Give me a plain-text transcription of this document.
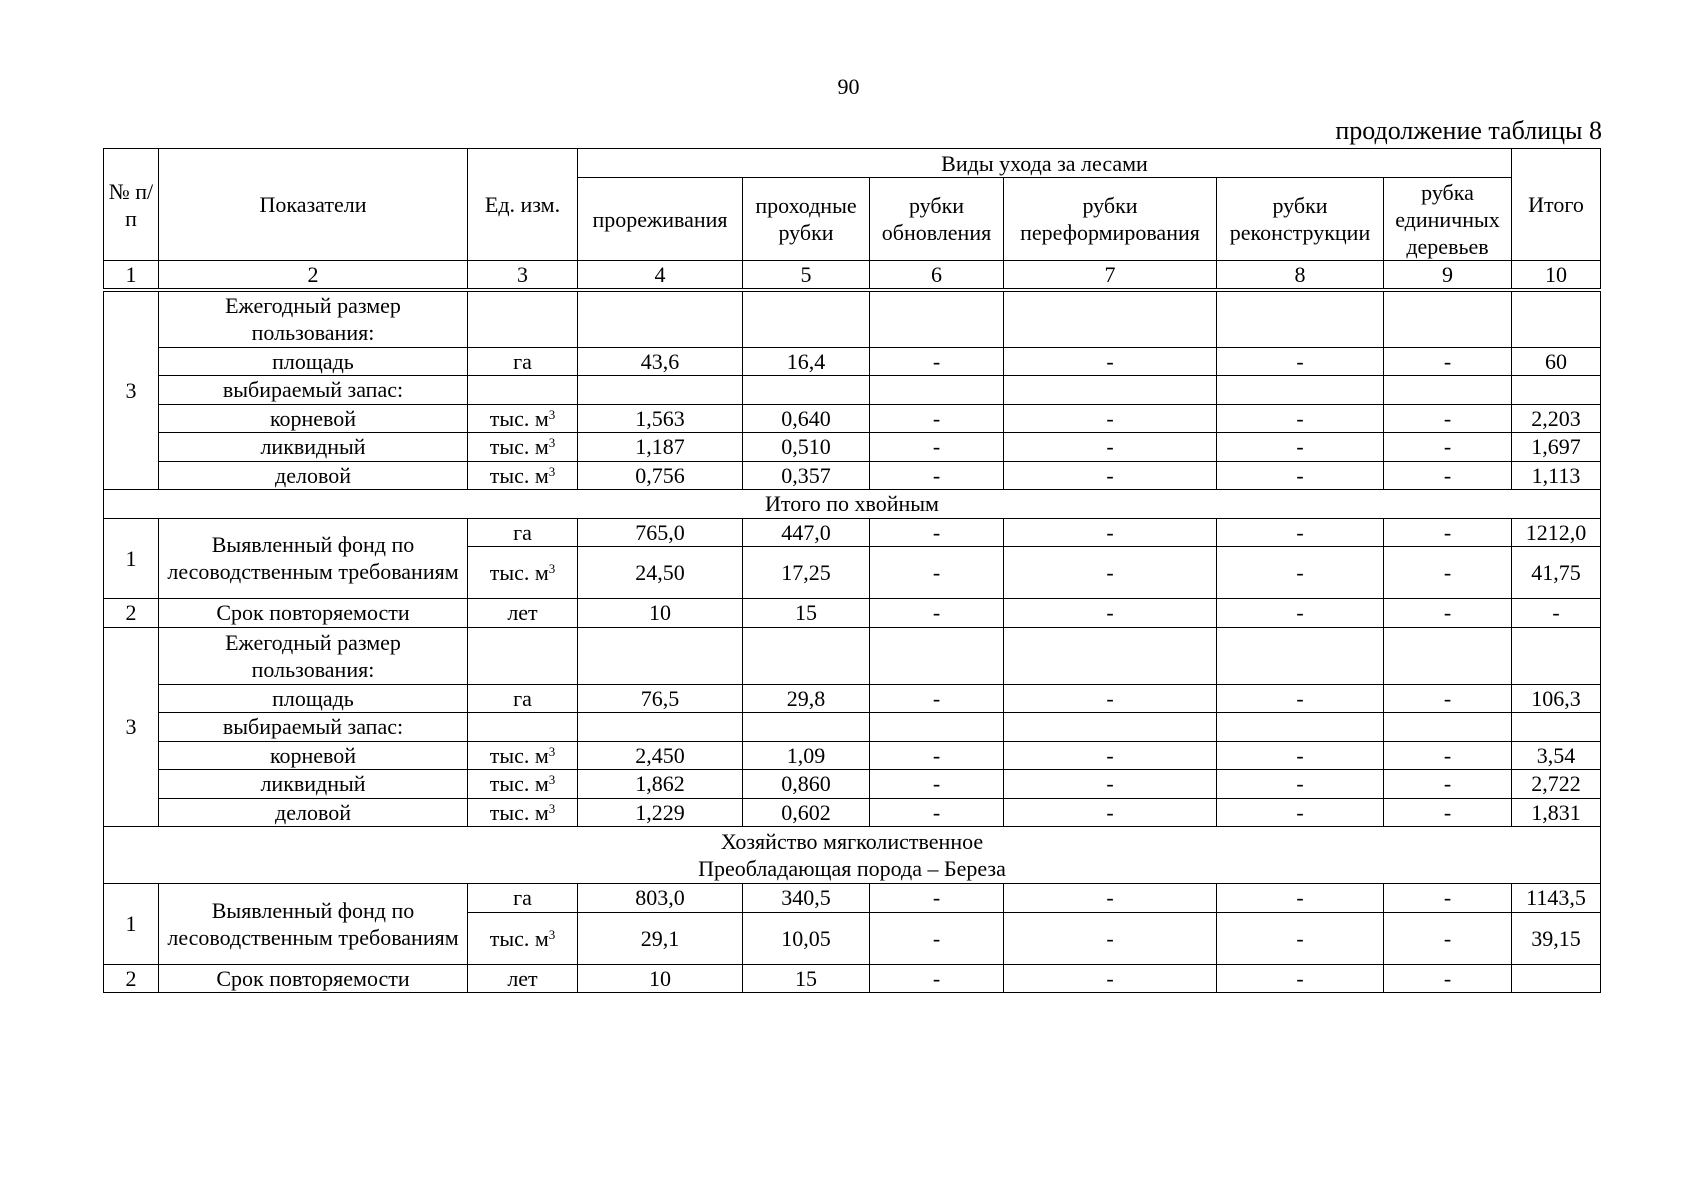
90
продолжение таблицы 8
№ п/п	Показатели	Ед. изм.	Виды ухода за лесами						Итого
			прореживания	проходные рубки	рубки обновления	рубки переформирования	рубки реконструкции	рубка единичных деревьев	
1	2	3	4	5	6	7	8	9	10
3	Ежегодный размер пользования:								
	площадь	га	43,6	16,4	-	-	-	-	60
	выбираемый запас:								
	корневой	тыс. $м^3$	1,563	0,640	-	-	-	-	2,203
	ликвидный	тыс. $м^3$	1,187	0,510	-	-	-	-	1,697
	деловой	тыс. $м^3$	0,756	0,357	-	-	-	-	1,113
Итого по хвойным									
1	Выявленный фонд по лесоводственным требованиям	га	765,0	447,0	-	-	-	-	1212,0
		тыс. $м^3$	24,50	17,25	-	-	-	-	41,75
2	Срок повторяемости	лет	10	15	-	-	-	-	-
3	Ежегодный размер пользования:								
	площадь	га	76,5	29,8	-	-	-	-	106,3
	выбираемый запас:								
	корневой	тыс. $м^3$	2,450	1,09	-	-	-	-	3,54
	ликвидный	тыс. $м^3$	1,862	0,860	-	-	-	-	2,722
	деловой	тыс. $м^3$	1,229	0,602	-	-	-	-	1,831

Хозяйство мягколиственное
Преобладающая порода – Береза									

1	Выявленный фонд по лесоводственным требованиям	га	803,0	340,5	-	-	-	-	1143,5
		тыс. $м^3$	29,1	10,05	-	-	-	-	39,15
2	Срок повторяемости	лет	10	15	-	-	-	-	
